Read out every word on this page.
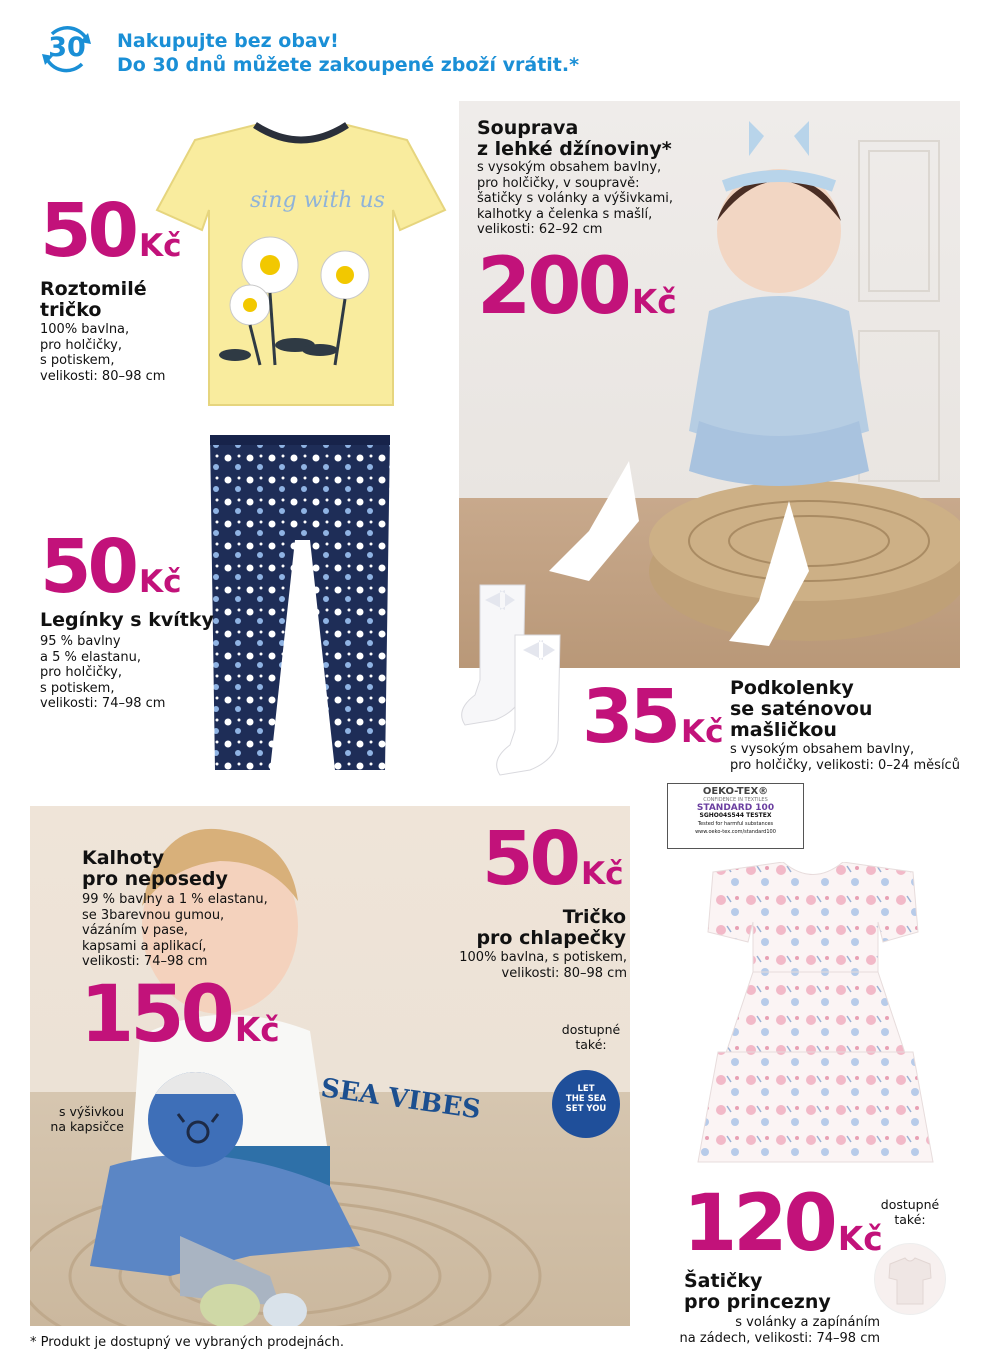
30	Nakupujte bez obav!
Do 30 dnů můžete zakoupené zboží vrátit.*
sing with us
50 Kč
Roztomilé
tričko
100% bavlna,
pro holčičky,
s potiskem,
velikosti: 80–98 cm
50 Kč
Legínky s kvítky
95 % bavlny
a 5 % elastanu,
pro holčičky,
s potiskem,
velikosti: 74–98 cm
Souprava
z lehké džínoviny*
s vysokým obsahem bavlny,
pro holčičky, v soupravě:
šatičky s volánky a výšivkami,
kalhotky a čelenka s mašlí,
velikosti: 62–92 cm
200 Kč
35 Kč
Podkolenky
se saténovou
mašličkou
s vysokým obsahem bavlny,
pro holčičky, velikosti: 0–24 měsíců
OEKO-TEX®
CONFIDENCE IN TEXTILES
STANDARD 100
SGHO04S544 TESTEX
Tested for harmful substances
www.oeko-tex.com/standard100
SEA VIBES
Kalhoty
pro neposedy
99 % bavlny a 1 % elastanu,
se 3barevnou gumou,
vázáním v pase,
kapsami a aplikací,
velikosti: 74–98 cm
150 Kč
s výšivkou
na kapsičce
50 Kč
Tričko
pro chlapečky
100% bavlna, s potiskem,
velikosti: 80–98 cm
dostupné
také:
LET
THE SEA
SET YOU
120 Kč
Šatičky
pro princezny
s volánky a zapínáním
na zádech, velikosti: 74–98 cm
dostupné
také:
* Produkt je dostupný ve vybraných prodejnách.
